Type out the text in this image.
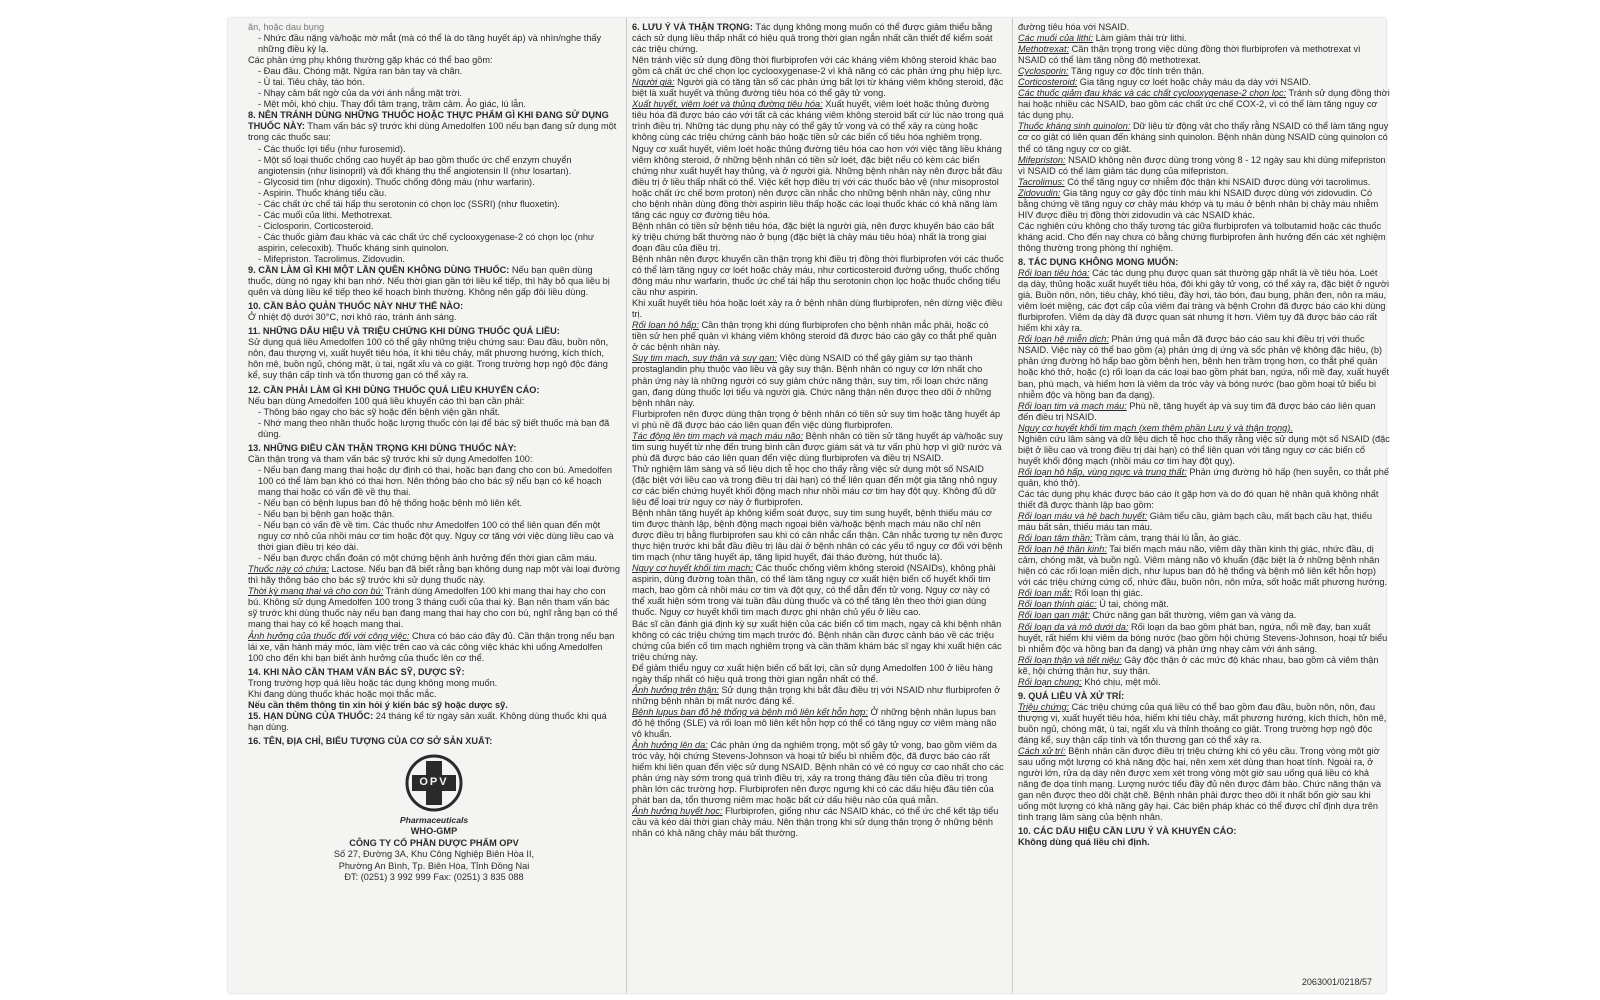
ăn, hoặc dau bụng
- Nhức đầu nặng và/hoặc mờ mắt (mà có thể là do tăng huyết áp) và nhìn/nghe thấy những điều kỳ lạ.
Các phản ứng phụ không thường gặp khác có thể bao gồm:
- Đau đầu. Chóng mặt. Ngứa ran bàn tay và chân.
- Ù tai. Tiêu chảy, táo bón.
- Nhạy cảm bất ngờ của da với ánh nắng mặt trời.
- Mệt mỏi, khó chịu. Thay đổi tâm trạng, trầm cảm. Ảo giác, lú lẫn.
8. NÊN TRÁNH DÙNG NHỮNG THUỐC HOẶC THỰC PHẨM GÌ KHI ĐANG SỬ DỤNG THUỐC NÀY: Tham vấn bác sỹ trước khi dùng Amedolfen 100 nếu bạn đang sử dụng một trong các thuốc sau:
- Các thuốc lợi tiểu (như furosemid).
- Một số loại thuốc chống cao huyết áp bao gồm thuốc ức chế enzym chuyển angiotensin (như lisinopril) và đối kháng thụ thể angiotensin II (như losartan).
- Glycosid tim (như digoxin). Thuốc chống đông máu (như warfarin).
- Aspirin. Thuốc kháng tiểu cầu.
- Các chất ức chế tái hấp thu serotonin có chọn lọc (SSRI) (như fluoxetin).
- Các muối của lithi. Methotrexat.
- Ciclosporin. Corticosteroid.
- Các thuốc giảm đau khác và các chất ức chế cyclooxygenase-2 có chọn lọc (như aspirin, celecoxib). Thuốc kháng sinh quinolon.
- Mifepriston. Tacrolimus. Zidovudin.
9. CẦN LÀM GÌ KHI MỘT LẦN QUÊN KHÔNG DÙNG THUỐC: Nếu bạn quên dùng thuốc, dùng nó ngay khi bạn nhớ. Nếu thời gian gần tới liều kế tiếp, thì hãy bỏ qua liều bị quên và dùng liều kế tiếp theo kế hoạch bình thường. Không nên gấp đôi liều dùng.
10. CẦN BẢO QUẢN THUỐC NÀY NHƯ THẾ NÀO:
Ở nhiệt độ dưới 30°C, nơi khô ráo, tránh ánh sáng.
11. NHỮNG DẤU HIỆU VÀ TRIỆU CHỨNG KHI DÙNG THUỐC QUÁ LIỀU:
Sử dụng quá liều Amedolfen 100 có thể gây những triệu chứng sau: Đau đầu, buồn nôn, nôn, đau thượng vị, xuất huyết tiêu hóa, ít khi tiêu chảy, mất phương hướng, kích thích, hôn mê, buồn ngủ, chóng mặt, ù tai, ngất xỉu và co giật. Trong trường hợp ngộ độc đáng kể, suy thận cấp tính và tổn thương gan có thể xảy ra.
12. CẦN PHẢI LÀM GÌ KHI DÙNG THUỐC QUÁ LIỀU KHUYẾN CÁO:
Nếu bạn dùng Amedolfen 100 quá liều khuyến cáo thì bạn cần phải:
- Thông báo ngay cho bác sỹ hoặc đến bệnh viện gần nhất.
- Nhớ mang theo nhãn thuốc hoặc lượng thuốc còn lại để bác sỹ biết thuốc mà bạn đã dùng.
13. NHỮNG ĐIỀU CẦN THẬN TRỌNG KHI DÙNG THUỐC NÀY:
Cần thận trọng và tham vấn bác sỹ trước khi sử dụng Amedolfen 100:
- Nếu bạn đang mang thai hoặc dự định có thai, hoặc bạn đang cho con bú. Amedolfen 100 có thể làm bạn khó có thai hơn. Nên thông báo cho bác sỹ nếu bạn có kế hoạch mang thai hoặc có vấn đề về thụ thai.
- Nếu bạn có bệnh lupus ban đỏ hệ thống hoặc bệnh mô liên kết.
- Nếu bạn bị bệnh gan hoặc thận.
- Nếu bạn có vấn đề về tim. Các thuốc như Amedolfen 100 có thể liên quan đến một nguy cơ nhỏ của nhồi máu cơ tim hoặc đột quỵ. Nguy cơ tăng với việc dùng liều cao và thời gian điều trị kéo dài.
- Nếu bạn được chẩn đoán có một chứng bệnh ảnh hưởng đến thời gian cầm máu.
Thuốc này có chứa: Lactose. Nếu bạn đã biết rằng bạn không dung nạp một vài loại đường thì hãy thông báo cho bác sỹ trước khi sử dụng thuốc này.
Thời kỳ mang thai và cho con bú: Tránh dùng Amedolfen 100 khi mang thai hay cho con bú. Không sử dụng Amedolfen 100 trong 3 tháng cuối của thai kỳ. Bạn nên tham vấn bác sỹ trước khi dùng thuốc này nếu bạn đang mang thai hay cho con bú, nghĩ rằng bạn có thể mang thai hay có kế hoạch mang thai.
Ảnh hưởng của thuốc đối với công việc: Chưa có báo cáo đầy đủ. Cần thận trọng nếu bạn lái xe, vận hành máy móc, làm việc trên cao và các công việc khác khi uống Amedolfen 100 cho đến khi bạn biết ảnh hưởng của thuốc lên cơ thể.
14. KHI NÀO CẦN THAM VẤN BÁC SỸ, DƯỢC SỸ:
Trong trường hợp quá liều hoặc tác dụng không mong muốn.
Khi đang dùng thuốc khác hoặc mọi thắc mắc.
Nếu cần thêm thông tin xin hỏi ý kiến bác sỹ hoặc dược sỹ.
15. HẠN DÙNG CỦA THUỐC: 24 tháng kể từ ngày sản xuất. Không dùng thuốc khi quá hạn dùng.
16. TÊN, ĐỊA CHỈ, BIỂU TƯỢNG CỦA CƠ SỞ SẢN XUẤT:
OPV
Pharmaceuticals
WHO-GMP
CÔNG TY CỔ PHẦN DƯỢC PHẨM OPV
Số 27, Đường 3A, Khu Công Nghiệp Biên Hòa II,
Phường An Bình, Tp. Biên Hòa, Tỉnh Đồng Nai
ĐT: (0251) 3 992 999 Fax: (0251) 3 835 088
6. LƯU Ý VÀ THẬN TRỌNG: Tác dụng không mong muốn có thể được giảm thiểu bằng cách sử dụng liều thấp nhất có hiệu quả trong thời gian ngắn nhất cần thiết để kiểm soát các triệu chứng.
Nên tránh việc sử dụng đồng thời flurbiprofen với các kháng viêm không steroid khác bao gồm cả chất ức chế chọn lọc cyclooxygenase-2 vì khả năng có các phản ứng phụ hiệp lực.
Người già: Người già có tăng tần số các phản ứng bất lợi từ kháng viêm không steroid, đặc biệt là xuất huyết và thủng đường tiêu hóa có thể gây tử vong.
Xuất huyết, viêm loét và thủng đường tiêu hóa: Xuất huyết, viêm loét hoặc thủng đường tiêu hóa đã được báo cáo với tất cả các kháng viêm không steroid bất cứ lúc nào trong quá trình điều trị. Những tác dụng phụ này có thể gây tử vong và có thể xảy ra cùng hoặc không cùng các triệu chứng cảnh báo hoặc tiền sử các biến cố tiêu hóa nghiêm trọng.
Nguy cơ xuất huyết, viêm loét hoặc thủng đường tiêu hóa cao hơn với việc tăng liều kháng viêm không steroid, ở những bệnh nhân có tiền sử loét, đặc biệt nếu có kèm các biến chứng như xuất huyết hay thủng, và ở người già. Những bệnh nhân này nên được bắt đầu điều trị ở liều thấp nhất có thể. Việc kết hợp điều trị với các thuốc bảo vệ (như misoprostol hoặc chất ức chế bơm proton) nên được cần nhắc cho những bệnh nhân này, cũng như cho bệnh nhân dùng đồng thời aspirin liều thấp hoặc các loại thuốc khác có khả năng làm tăng các nguy cơ đường tiêu hóa.
Bệnh nhân có tiền sử bệnh tiêu hóa, đặc biệt là người già, nên được khuyến báo cáo bất kỳ triệu chứng bất thường nào ở bụng (đặc biệt là chảy máu tiêu hóa) nhất là trong giai đoạn đầu của điều trị.
Bệnh nhân nên được khuyến cần thận trọng khi điều trị đồng thời flurbiprofen với các thuốc có thể làm tăng nguy cơ loét hoặc chảy máu, như corticosteroid đường uống, thuốc chống đông máu như warfarin, thuốc ức chế tái hấp thu serotonin chọn lọc hoặc thuốc chống tiểu cầu như aspirin.
Khi xuất huyết tiêu hóa hoặc loét xảy ra ở bệnh nhân dùng flurbiprofen, nên dừng việc điều trị.
Rối loạn hô hấp: Cần thận trọng khi dùng flurbiprofen cho bệnh nhân mắc phải, hoặc có tiền sử hen phế quản vì kháng viêm không steroid đã được báo cáo gây co thắt phế quản ở các bệnh nhân này.
Suy tim mạch, suy thận và suy gan: Việc dùng NSAID có thể gây giảm sự tạo thành prostaglandin phụ thuộc vào liều và gây suy thận. Bệnh nhân có nguy cơ lớn nhất cho phản ứng này là những người có suy giảm chức năng thận, suy tim, rối loạn chức năng gan, đang dùng thuốc lợi tiểu và người già. Chức năng thận nên được theo dõi ở những bệnh nhân này.
Flurbiprofen nên được dùng thận trọng ở bệnh nhân có tiền sử suy tim hoặc tăng huyết áp vì phù nề đã được báo cáo liên quan đến việc dùng flurbiprofen.
Tác động lên tim mạch và mạch máu não: Bệnh nhân có tiền sử tăng huyết áp và/hoặc suy tim sung huyết từ nhẹ đến trung bình cần được giám sát và tư vấn phù hợp vì giữ nước và phù đã được báo cáo liên quan đến việc dùng flurbiprofen và điều trị NSAID.
Thử nghiệm lâm sàng và số liệu dịch tễ học cho thấy rằng việc sử dụng một số NSAID (đặc biệt với liều cao và trong điều trị dài hạn) có thể liên quan đến một gia tăng nhỏ nguy cơ các biến chứng huyết khối động mạch như nhồi máu cơ tim hay đột quỵ. Không đủ dữ liệu để loại trừ nguy cơ này ở flurbiprofen.
Bệnh nhân tăng huyết áp không kiểm soát được, suy tim sung huyết, bệnh thiếu máu cơ tim được thành lập, bệnh động mạch ngoại biên và/hoặc bệnh mạch máu não chỉ nên được điều trị bằng flurbiprofen sau khi có cân nhắc cẩn thận. Cân nhắc tương tự nên được thực hiện trước khi bắt đầu điều trị lâu dài ở bệnh nhân có các yếu tố nguy cơ đối với bệnh tim mạch (như tăng huyết áp, tăng lipid huyết, đái tháo đường, hút thuốc lá).
Nguy cơ huyết khối tim mạch: Các thuốc chống viêm không steroid (NSAIDs), không phải aspirin, dùng đường toàn thân, có thể làm tăng nguy cơ xuất hiện biến cố huyết khối tim mạch, bao gồm cả nhồi máu cơ tim và đột quỵ, có thể dẫn đến tử vong. Nguy cơ này có thể xuất hiện sớm trong vài tuần đầu dùng thuốc và có thể tăng lên theo thời gian dùng thuốc. Nguy cơ huyết khối tim mạch được ghi nhận chủ yếu ở liều cao.
Bác sĩ cần đánh giá định kỳ sự xuất hiện của các biến cố tim mạch, ngay cả khi bệnh nhân không có các triệu chứng tim mạch trước đó. Bệnh nhân cần được cảnh báo về các triệu chứng của biến cố tim mạch nghiêm trọng và cần thăm khám bác sĩ ngay khi xuất hiện các triệu chứng này.
Để giảm thiểu nguy cơ xuất hiện biến cố bất lợi, cần sử dụng Amedolfen 100 ở liều hàng ngày thấp nhất có hiệu quả trong thời gian ngắn nhất có thể.
Ảnh hưởng trên thận: Sử dụng thận trọng khi bắt đầu điều trị với NSAID như flurbiprofen ở những bệnh nhân bị mất nước đáng kể.
Bệnh lupus ban đỏ hệ thống và bệnh mô liên kết hỗn hợp: Ở những bệnh nhân lupus ban đỏ hệ thống (SLE) và rối loạn mô liên kết hỗn hợp có thể có tăng nguy cơ viêm màng não vô khuẩn.
Ảnh hưởng lên da: Các phản ứng da nghiêm trọng, một số gây tử vong, bao gồm viêm da tróc vảy, hội chứng Stevens-Johnson và hoại tử biểu bì nhiễm độc, đã được báo cáo rất hiếm khi liên quan đến việc sử dụng NSAID. Bệnh nhân có vẻ có nguy cơ cao nhất cho các phản ứng này sớm trong quá trình điều trị, xảy ra trong tháng đầu tiên của điều trị trong phần lớn các trường hợp. Flurbiprofen nên được ngưng khi có các dấu hiệu đầu tiên của phát ban da, tổn thương niêm mạc hoặc bất cứ dấu hiệu nào của quá mẫn.
Ảnh hưởng huyết học: Flurbiprofen, giống như các NSAID khác, có thể ức chế kết tập tiểu cầu và kéo dài thời gian chảy máu. Nên thận trọng khi sử dụng thận trọng ở những bệnh nhân có khả năng chảy máu bất thường.
đường tiêu hóa với NSAID.
Các muối của lithi: Làm giảm thải trừ lithi.
Methotrexat: Cần thận trọng trong việc dùng đồng thời flurbiprofen và methotrexat vì NSAID có thể làm tăng nồng độ methotrexat.
Cyclosporin: Tăng nguy cơ độc tính trên thận.
Corticosteroid: Gia tăng nguy cơ loét hoặc chảy máu dạ dày với NSAID.
Các thuốc giảm đau khác và các chất cyclooxygenase-2 chọn lọc: Tránh sử dụng đồng thời hai hoặc nhiều các NSAID, bao gồm các chất ức chế COX-2, vì có thể làm tăng nguy cơ tác dụng phụ.
Thuốc kháng sinh quinolon: Dữ liệu từ động vật cho thấy rằng NSAID có thể làm tăng nguy cơ co giật có liên quan đến kháng sinh quinolon. Bệnh nhân dùng NSAID cùng quinolon có thể có tăng nguy cơ co giật.
Mifepriston: NSAID không nên được dùng trong vòng 8 - 12 ngày sau khi dùng mifepriston vì NSAID có thể làm giảm tác dụng của mifepriston.
Tacrolimus: Có thể tăng nguy cơ nhiễm độc thận khi NSAID được dùng với tacrolimus.
Zidovudin: Gia tăng nguy cơ gây độc tính máu khi NSAID được dùng với zidovudin. Có bằng chứng về tăng nguy cơ chảy máu khớp và tụ máu ở bệnh nhân bị chảy máu nhiễm HIV được điều trị đồng thời zidovudin và các NSAID khác.
Các nghiên cứu không cho thấy tương tác giữa flurbiprofen và tolbutamid hoặc các thuốc kháng acid. Cho đến nay chưa có bằng chứng flurbiprofen ảnh hưởng đến các xét nghiệm thông thường trong phòng thí nghiệm.
8. TÁC DỤNG KHÔNG MONG MUỐN:
Rối loạn tiêu hóa: Các tác dụng phụ được quan sát thường gặp nhất là về tiêu hóa. Loét dạ dày, thủng hoặc xuất huyết tiêu hóa, đôi khi gây tử vong, có thể xảy ra, đặc biệt ở người già. Buồn nôn, nôn, tiêu chảy, khó tiêu, đầy hơi, táo bón, đau bụng, phân đen, nôn ra máu, viêm loét miệng, các đợt cấp của viêm đại tràng và bệnh Crohn đã được báo cáo khi dùng flurbiprofen. Viêm dạ dày đã được quan sát nhưng ít hơn. Viêm tụy đã được báo cáo rất hiếm khi xảy ra.
Rối loạn hệ miễn dịch: Phản ứng quá mẫn đã được báo cáo sau khi điều trị với thuốc NSAID. Việc này có thể bao gồm (a) phản ứng dị ứng và sốc phản vệ không đặc hiệu, (b) phản ứng đường hô hấp bao gồm bệnh hen, bệnh hen trầm trọng hơn, co thắt phế quản hoặc khó thở, hoặc (c) rối loạn da các loại bao gồm phát ban, ngứa, nổi mề đay, xuất huyết ban, phù mạch, và hiếm hơn là viêm da tróc vảy và bóng nước (bao gồm hoại tử biểu bì nhiễm độc và hồng ban đa dạng).
Rối loạn tim và mạch máu: Phù nề, tăng huyết áp và suy tim đã được báo cáo liên quan đến điều trị NSAID.
Nguy cơ huyết khối tim mạch (xem thêm phần Lưu ý và thận trọng).
Nghiên cứu lâm sàng và dữ liệu dịch tễ học cho thấy rằng việc sử dụng một số NSAID (đặc biệt ở liều cao và trong điều trị dài hạn) có thể liên quan với tăng nguy cơ các biến cố huyết khối động mạch (nhồi máu cơ tim hay đột quỵ).
Rối loạn hô hấp, vùng ngực và trung thất: Phản ứng đường hô hấp (hen suyễn, co thắt phế quản, khó thở).
Các tác dụng phụ khác được báo cáo ít gặp hơn và do đó quan hệ nhân quả không nhất thiết đã được thành lập bao gồm:
Rối loạn máu và hệ bạch huyết: Giảm tiểu cầu, giảm bạch cầu, mất bạch cầu hạt, thiếu máu bất sản, thiếu máu tan máu.
Rối loạn tâm thần: Trầm cảm, trạng thái lú lẫn, ảo giác.
Rối loạn hệ thần kinh: Tai biến mạch máu não, viêm dây thần kinh thị giác, nhức đầu, dị cảm, chóng mặt, và buồn ngủ. Viêm màng não vô khuẩn (đặc biệt là ở những bệnh nhân hiện có các rối loạn miễn dịch, như lupus ban đỏ hệ thống và bệnh mô liên kết hỗn hợp) với các triệu chứng cứng cổ, nhức đầu, buồn nôn, nôn mửa, sốt hoặc mất phương hướng.
Rối loạn mắt: Rối loạn thị giác.
Rối loạn thính giác: Ù tai, chóng mặt.
Rối loạn gan mật: Chức năng gan bất thường, viêm gan và vàng da.
Rối loạn da và mô dưới da: Rối loạn da bao gồm phát ban, ngứa, nổi mề đay, ban xuất huyết, rất hiếm khi viêm da bóng nước (bao gồm hội chứng Stevens-Johnson, hoại tử biểu bì nhiễm độc và hồng ban đa dạng) và phản ứng nhạy cảm với ánh sáng.
Rối loạn thận và tiết niệu: Gây độc thận ở các mức độ khác nhau, bao gồm cả viêm thận kẽ, hội chứng thận hư, suy thận.
Rối loạn chung: Khó chịu, mệt mỏi.
9. QUÁ LIỀU VÀ XỬ TRÍ:
Triệu chứng: Các triệu chứng của quá liều có thể bao gồm đau đầu, buồn nôn, nôn, đau thượng vị, xuất huyết tiêu hóa, hiếm khi tiêu chảy, mất phương hướng, kích thích, hôn mê, buồn ngủ, chóng mặt, ù tai, ngất xỉu và thỉnh thoảng co giật. Trong trường hợp ngộ độc đáng kể, suy thận cấp tính và tổn thương gan có thể xảy ra.
Cách xử trí: Bệnh nhân cần được điều trị triệu chứng khi có yêu cầu. Trong vòng một giờ sau uống một lượng có khả năng độc hại, nên xem xét dùng than hoạt tính. Ngoài ra, ở người lớn, rửa dạ dày nên được xem xét trong vòng một giờ sau uống quá liều có khả năng đe dọa tính mạng. Lượng nước tiểu đầy đủ nên được đảm bảo. Chức năng thận và gan nên được theo dõi chặt chẽ. Bệnh nhân phải được theo dõi ít nhất bốn giờ sau khi uống một lượng có khả năng gây hại. Các biện pháp khác có thể được chỉ định dựa trên tình trạng lâm sàng của bệnh nhân.
10. CÁC DẤU HIỆU CẦN LƯU Ý VÀ KHUYẾN CÁO:
Không dùng quá liều chỉ định.
2063001/0218/57
